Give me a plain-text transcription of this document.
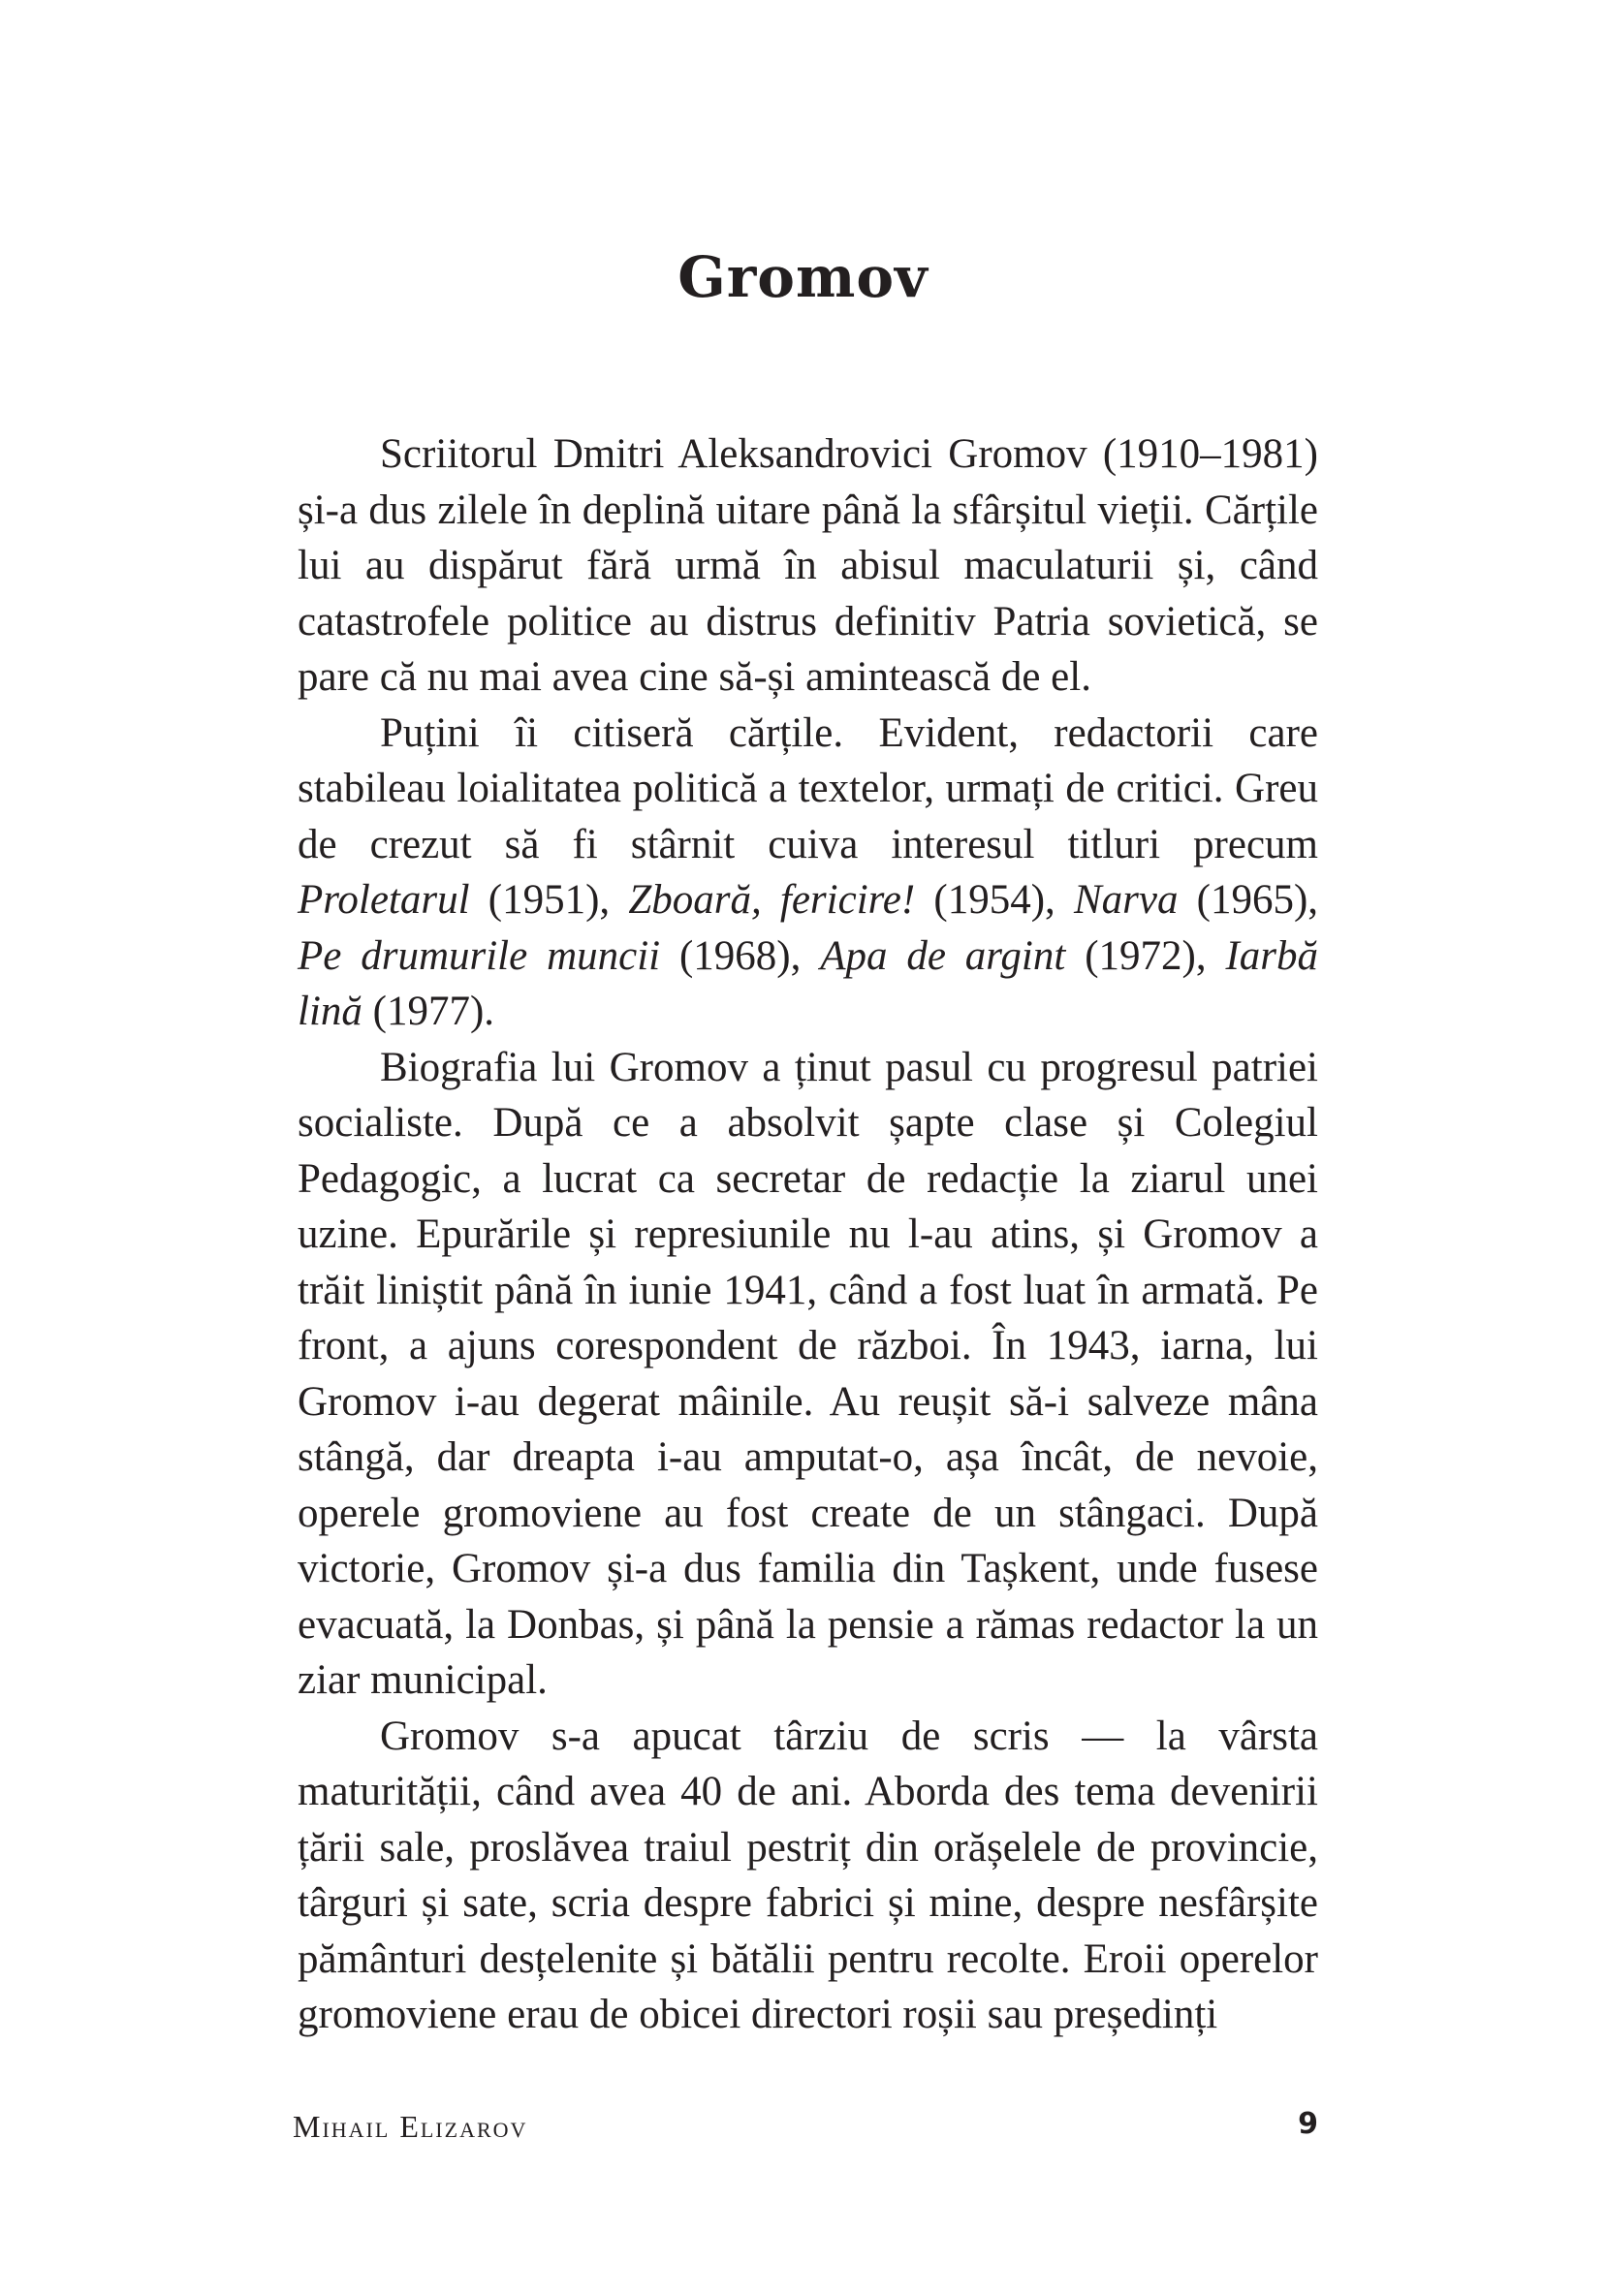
Gromov

Scriitorul Dmitri Aleksandrovici Gromov (1910–1981) și-a dus zilele în deplină uitare până la sfârșitul vieții. Cărțile lui au dispărut fără urmă în abisul maculaturii și, când catastrofele politice au distrus definitiv Patria sovietică, se pare că nu mai avea cine să-și amintească de el.

Puțini îi citiseră cărțile. Evident, redactorii care stabileau loialitatea politică a textelor, urmați de critici. Greu de crezut să fi stârnit cuiva interesul titluri precum Proletarul (1951), Zboară, fericire! (1954), Narva (1965), Pe drumurile muncii (1968), Apa de argint (1972), Iarbă lină (1977).

Biografia lui Gromov a ținut pasul cu progresul patriei socialiste. După ce a absolvit șapte clase și Colegiul Pedagogic, a lucrat ca secretar de redacție la ziarul unei uzine. Epurările și represiunile nu l-au atins, și Gromov a trăit liniștit până în iunie 1941, când a fost luat în armată. Pe front, a ajuns corespondent de război. În 1943, iarna, lui Gromov i-au degerat mâinile. Au reușit să-i salveze mâna stângă, dar dreapta i-au amputat-o, așa încât, de nevoie, operele gromoviene au fost create de un stângaci. După victorie, Gromov și-a dus familia din Tașkent, unde fusese evacuată, la Donbas, și până la pensie a rămas redactor la un ziar municipal.

Gromov s-a apucat târziu de scris — la vârsta maturității, când avea 40 de ani. Aborda des tema devenirii țării sale, proslăvea traiul pestriț din orășelele de provincie, târguri și sate, scria despre fabrici și mine, despre nesfârșite pământuri desțelenite și bătălii pentru recolte. Eroii operelor gromoviene erau de obicei directori roșii sau președinți

Mihail Elizarov	9
